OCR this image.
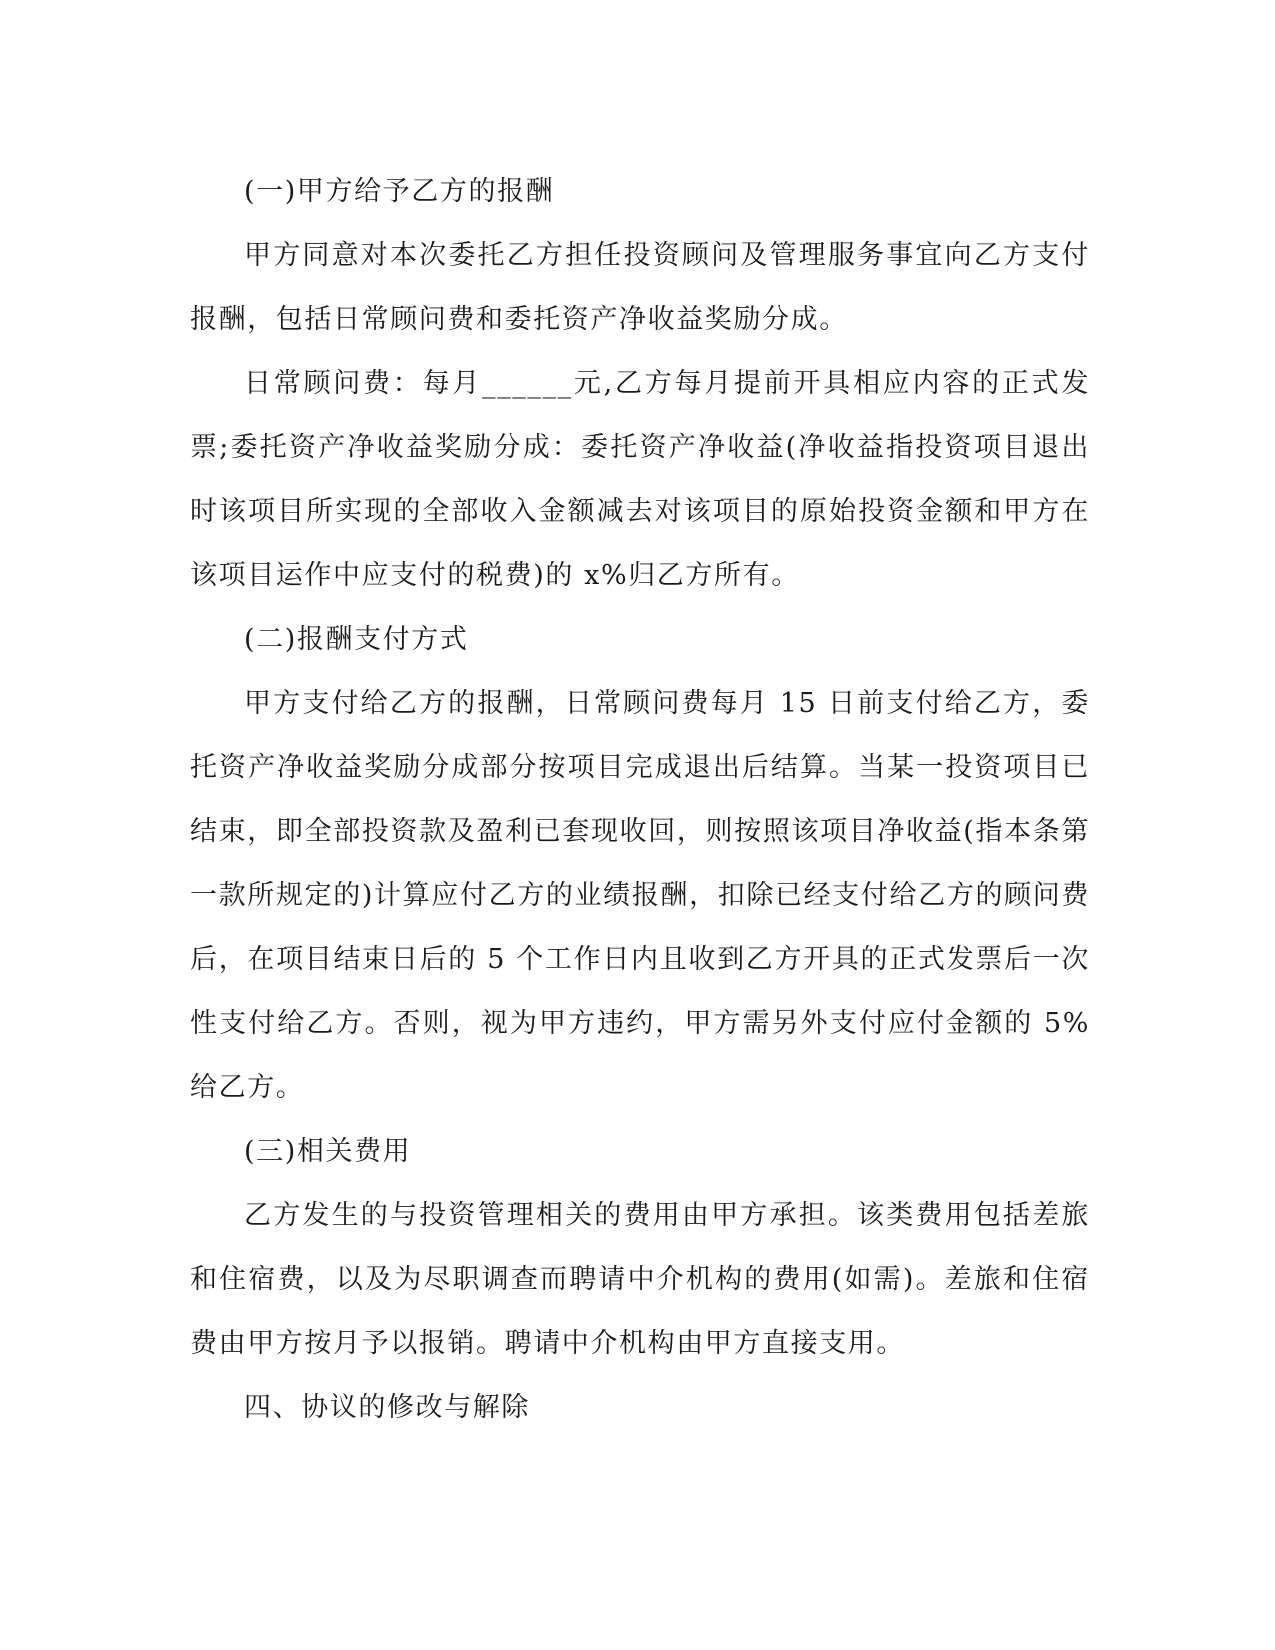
(一)甲方给予乙方的报酬

甲方同意对本次委托乙方担任投资顾问及管理服务事宜向乙方支付报酬，包括日常顾问费和委托资产净收益奖励分成。

日常顾问费：每月______元,乙方每月提前开具相应内容的正式发票;委托资产净收益奖励分成：委托资产净收益(净收益指投资项目退出时该项目所实现的全部收入金额减去对该项目的原始投资金额和甲方在该项目运作中应支付的税费)的 x%归乙方所有。

(二)报酬支付方式

甲方支付给乙方的报酬，日常顾问费每月 15 日前支付给乙方，委托资产净收益奖励分成部分按项目完成退出后结算。当某一投资项目已结束，即全部投资款及盈利已套现收回，则按照该项目净收益(指本条第一款所规定的)计算应付乙方的业绩报酬，扣除已经支付给乙方的顾问费后，在项目结束日后的 5 个工作日内且收到乙方开具的正式发票后一次性支付给乙方。否则，视为甲方违约，甲方需另外支付应付金额的 5%给乙方。

(三)相关费用

乙方发生的与投资管理相关的费用由甲方承担。该类费用包括差旅和住宿费，以及为尽职调查而聘请中介机构的费用(如需)。差旅和住宿费由甲方按月予以报销。聘请中介机构由甲方直接支用。

四、协议的修改与解除
